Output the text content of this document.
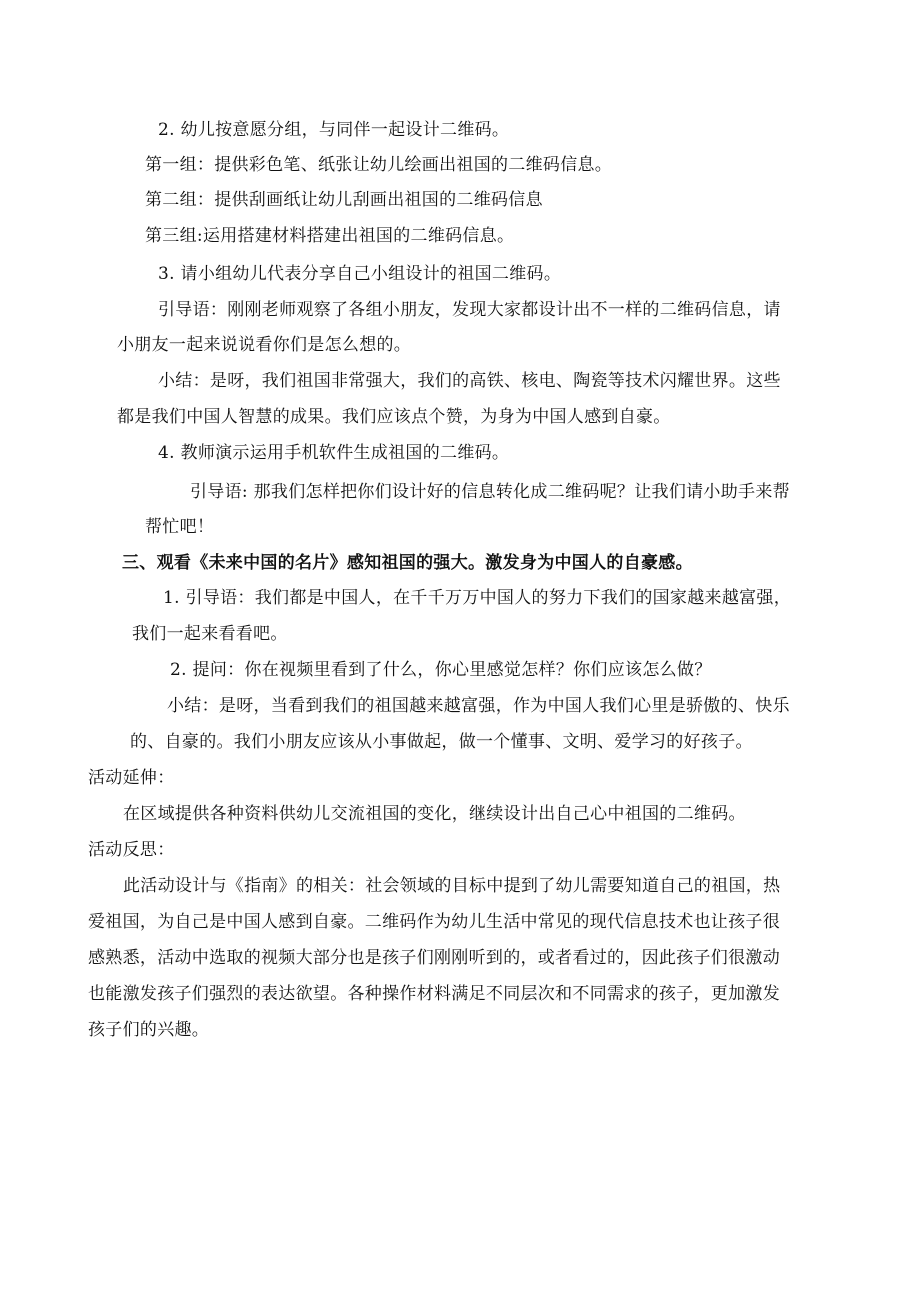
2. 幼儿按意愿分组，与同伴一起设计二维码。
第一组：提供彩色笔、纸张让幼儿绘画出祖国的二维码信息。
第二组：提供刮画纸让幼儿刮画出祖国的二维码信息
第三组:运用搭建材料搭建出祖国的二维码信息。
3. 请小组幼儿代表分享自己小组设计的祖国二维码。
引导语：刚刚老师观察了各组小朋友，发现大家都设计出不一样的二维码信息，请
小朋友一起来说说看你们是怎么想的。
小结：是呀，我们祖国非常强大，我们的高铁、核电、陶瓷等技术闪耀世界。这些
都是我们中国人智慧的成果。我们应该点个赞，为身为中国人感到自豪。
4. 教师演示运用手机软件生成祖国的二维码。
引导语: 那我们怎样把你们设计好的信息转化成二维码呢？让我们请小助手来帮
帮忙吧！
三、观看《未来中国的名片》感知祖国的强大。激发身为中国人的自豪感。
1. 引导语：我们都是中国人，在千千万万中国人的努力下我们的国家越来越富强，
我们一起来看看吧。
2. 提问：你在视频里看到了什么，你心里感觉怎样？你们应该怎么做？
小结：是呀，当看到我们的祖国越来越富强，作为中国人我们心里是骄傲的、快乐
的、自豪的。我们小朋友应该从小事做起，做一个懂事、文明、爱学习的好孩子。
活动延伸：
在区域提供各种资料供幼儿交流祖国的变化，继续设计出自己心中祖国的二维码。
活动反思：
此活动设计与《指南》的相关：社会领域的目标中提到了幼儿需要知道自己的祖国，热
爱祖国，为自己是中国人感到自豪。二维码作为幼儿生活中常见的现代信息技术也让孩子很
感熟悉，活动中选取的视频大部分也是孩子们刚刚听到的，或者看过的，因此孩子们很激动
也能激发孩子们强烈的表达欲望。各种操作材料满足不同层次和不同需求的孩子，更加激发
孩子们的兴趣。
